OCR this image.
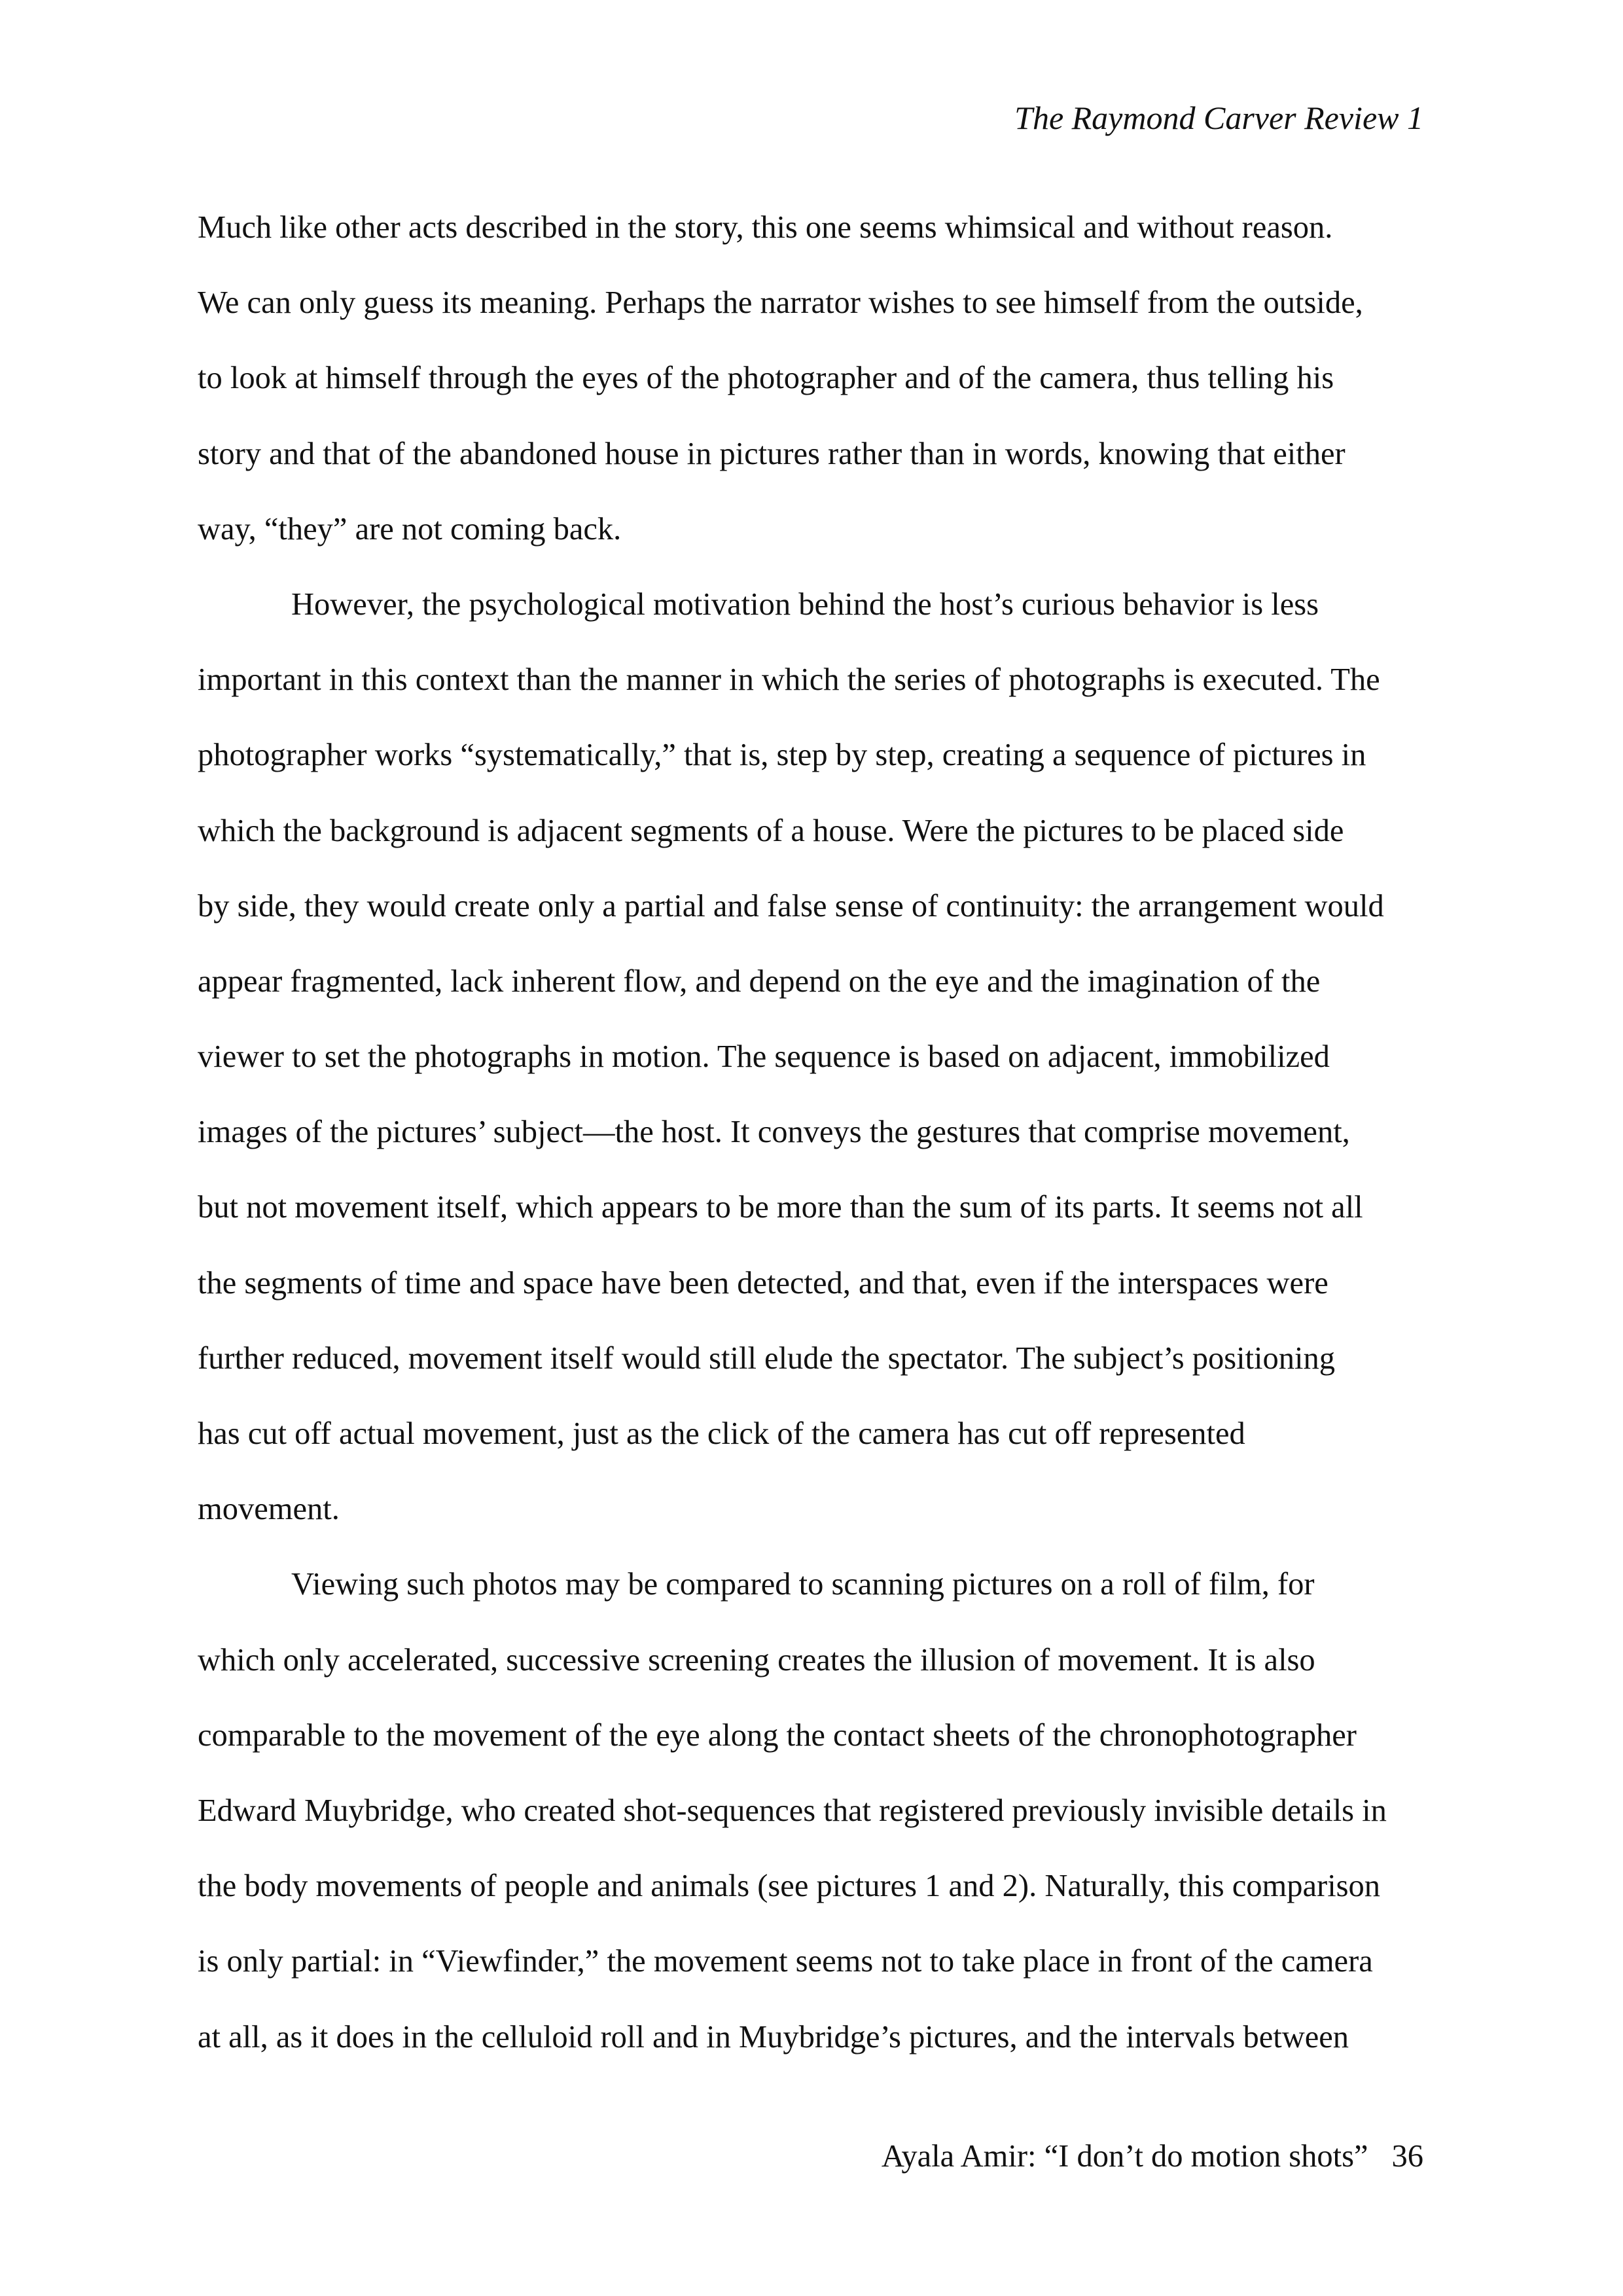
The Raymond Carver Review 1
Much like other acts described in the story, this one seems whimsical and without reason.
We can only guess its meaning. Perhaps the narrator wishes to see himself from the outside,
to look at himself through the eyes of the photographer and of the camera, thus telling his
story and that of the abandoned house in pictures rather than in words, knowing that either
way, “they” are not coming back.
However, the psychological motivation behind the host’s curious behavior is less
important in this context than the manner in which the series of photographs is executed. The
photographer works “systematically,” that is, step by step, creating a sequence of pictures in
which the background is adjacent segments of a house. Were the pictures to be placed side
by side, they would create only a partial and false sense of continuity: the arrangement would
appear fragmented, lack inherent flow, and depend on the eye and the imagination of the
viewer to set the photographs in motion. The sequence is based on adjacent, immobilized
images of the pictures’ subject—the host. It conveys the gestures that comprise movement,
but not movement itself, which appears to be more than the sum of its parts. It seems not all
the segments of time and space have been detected, and that, even if the interspaces were
further reduced, movement itself would still elude the spectator. The subject’s positioning
has cut off actual movement, just as the click of the camera has cut off represented
movement.
Viewing such photos may be compared to scanning pictures on a roll of film, for
which only accelerated, successive screening creates the illusion of movement. It is also
comparable to the movement of the eye along the contact sheets of the chronophotographer
Edward Muybridge, who created shot-sequences that registered previously invisible details in
the body movements of people and animals (see pictures 1 and 2). Naturally, this comparison
is only partial: in “Viewfinder,” the movement seems not to take place in front of the camera
at all, as it does in the celluloid roll and in Muybridge’s pictures, and the intervals between
Ayala Amir: “I don’t do motion shots” 36
